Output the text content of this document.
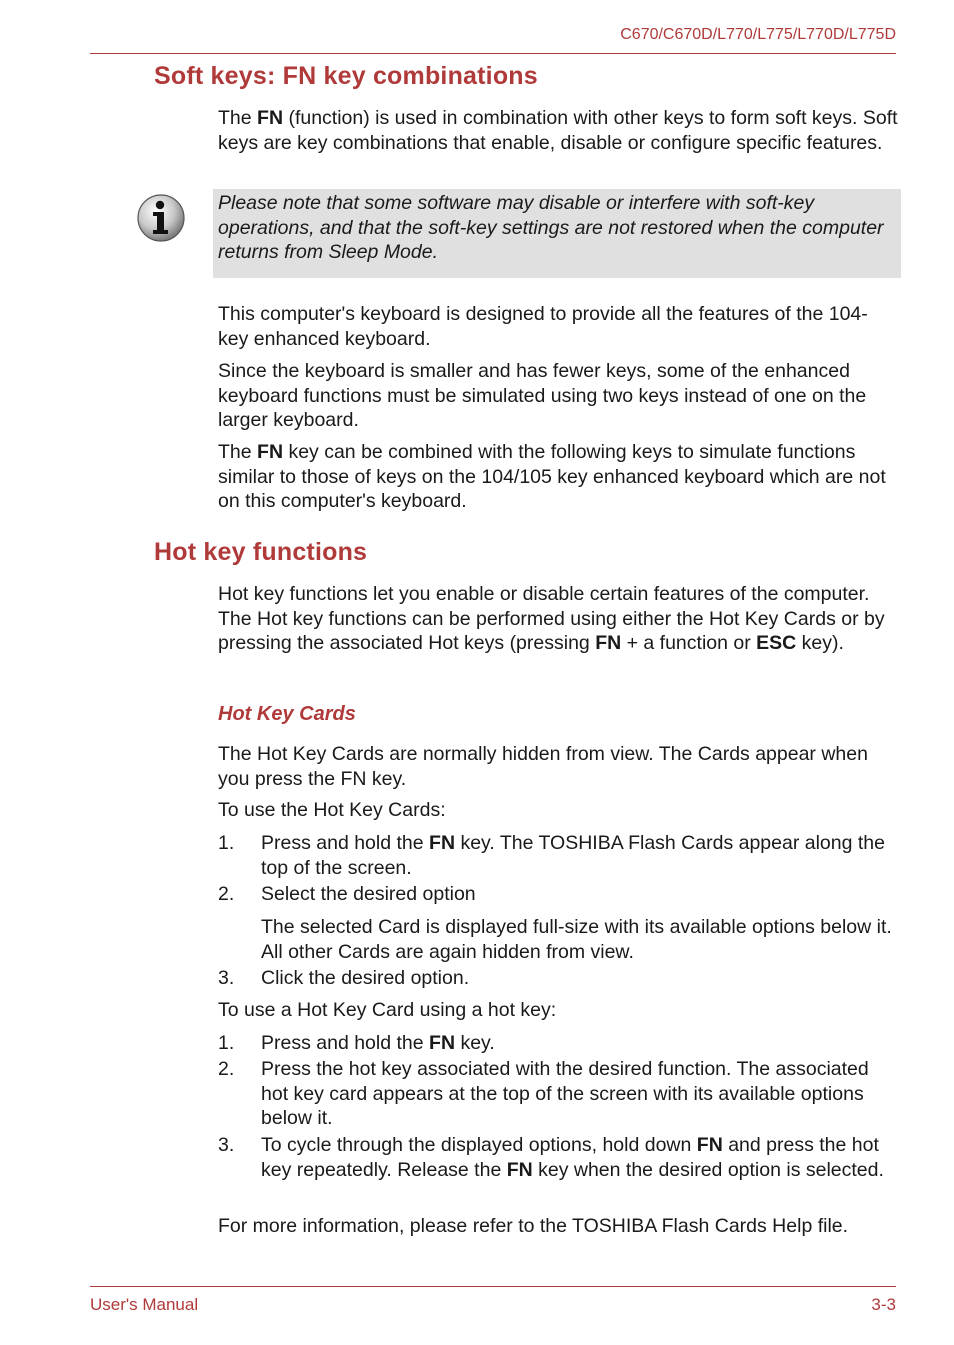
C670/C670D/L770/L775/L770D/L775D
Soft keys: FN key combinations

The FN (function) is used in combination with other keys to form soft keys. Soft keys are key combinations that enable, disable or configure specific features.

Please note that some software may disable or interfere with soft-key operations, and that the soft-key settings are not restored when the computer returns from Sleep Mode.

This computer's keyboard is designed to provide all the features of the 104-key enhanced keyboard.

Since the keyboard is smaller and has fewer keys, some of the enhanced keyboard functions must be simulated using two keys instead of one on the larger keyboard.

The FN key can be combined with the following keys to simulate functions similar to those of keys on the 104/105 key enhanced keyboard which are not on this computer's keyboard.

Hot key functions

Hot key functions let you enable or disable certain features of the computer. The Hot key functions can be performed using either the Hot Key Cards or by pressing the associated Hot keys (pressing FN + a function or ESC key).

Hot Key Cards

The Hot Key Cards are normally hidden from view. The Cards appear when you press the FN key.

To use the Hot Key Cards:

1. Press and hold the FN key. The TOSHIBA Flash Cards appear along the top of the screen.
2. Select the desired option

The selected Card is displayed full-size with its available options below it. All other Cards are again hidden from view.

3. Click the desired option.

To use a Hot Key Card using a hot key:

1. Press and hold the FN key.
2. Press the hot key associated with the desired function. The associated hot key card appears at the top of the screen with its available options below it.
3. To cycle through the displayed options, hold down FN and press the hot key repeatedly. Release the FN key when the desired option is selected.

For more information, please refer to the TOSHIBA Flash Cards Help file.

User's Manual	3-3
